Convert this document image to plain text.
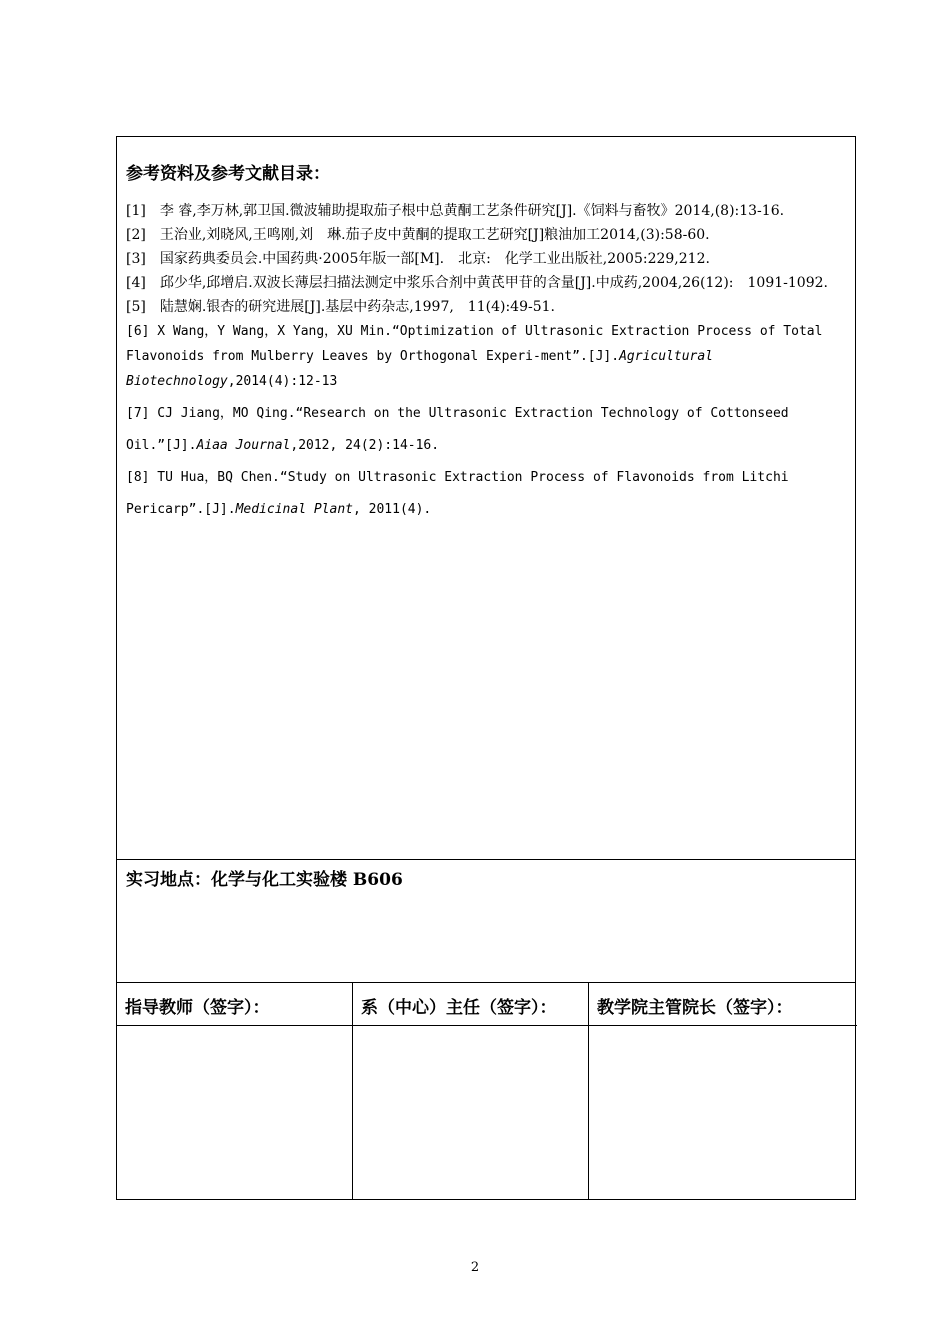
参考资料及参考文献目录：

[1]　李 睿,李万林,郭卫国.微波辅助提取茄子根中总黄酮工艺条件研究[J].《饲料与畜牧》2014,(8):13-16.

[2]　王治业,刘晓风,王鸣刚,刘　琳.茄子皮中黄酮的提取工艺研究[J]粮油加工2014,(3):58-60.

[3]　国家药典委员会.中国药典·2005年版一部[M].　北京:　化学工业出版社,2005:229,212.

[4]　邱少华,邱增启.双波长薄层扫描法测定中浆乐合剂中黄芪甲苷的含量[J].中成药,2004,26(12):　1091-1092.

[5]　陆慧娴.银杏的研究进展[J].基层中药杂志,1997,　11(4):49-51.

[6] X Wang，Y Wang，X Yang，XU Min.“Optimization of Ultrasonic Extraction Process of Total Flavonoids from Mulberry Leaves by Orthogonal Experi-ment”.[J].Agricultural Biotechnology,2014(4):12-13

[7] CJ Jiang，MO Qing.“Research on the Ultrasonic Extraction Technology of Cottonseed Oil.”[J].Aiaa Journal,2012, 24(2):14-16.

[8] TU Hua，BQ Chen.“Study on Ultrasonic Extraction Process of Flavonoids from Litchi Pericarp”.[J].Medicinal Plant, 2011(4).

实习地点：化学与化工实验楼 B606
指导教师（签字）：	系（中心）主任（签字）：	教学院主管院长（签字）：
2
